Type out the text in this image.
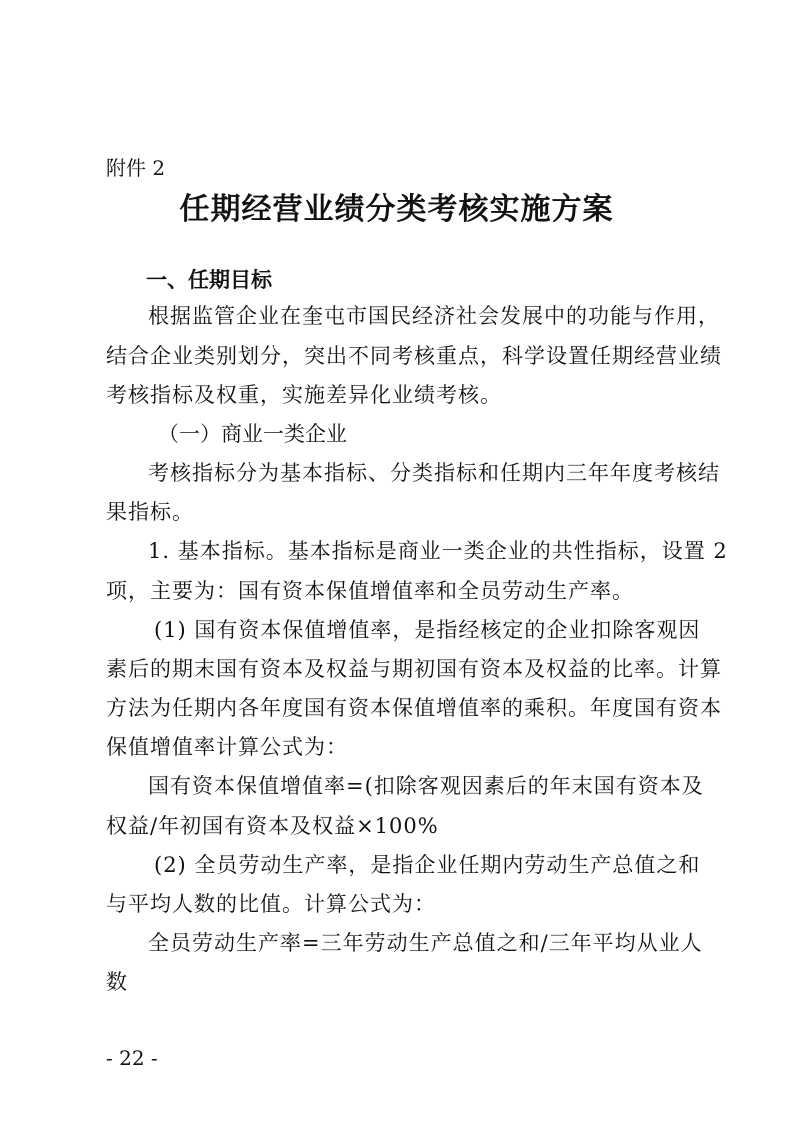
附件 2
任期经营业绩分类考核实施方案
一、任期目标
根据监管企业在奎屯市国民经济社会发展中的功能与作用，
结合企业类别划分，突出不同考核重点，科学设置任期经营业绩
考核指标及权重，实施差异化业绩考核。
（一）商业一类企业
考核指标分为基本指标、分类指标和任期内三年年度考核结
果指标。
1. 基本指标。基本指标是商业一类企业的共性指标，设置 2
项，主要为：国有资本保值增值率和全员劳动生产率。
(1) 国有资本保值增值率，是指经核定的企业扣除客观因
素后的期末国有资本及权益与期初国有资本及权益的比率。计算
方法为任期内各年度国有资本保值增值率的乘积。年度国有资本
保值增值率计算公式为：
国有资本保值增值率=(扣除客观因素后的年末国有资本及
权益/年初国有资本及权益×100%
(2) 全员劳动生产率，是指企业任期内劳动生产总值之和
与平均人数的比值。计算公式为：
全员劳动生产率=三年劳动生产总值之和/三年平均从业人
数
- 22 -
